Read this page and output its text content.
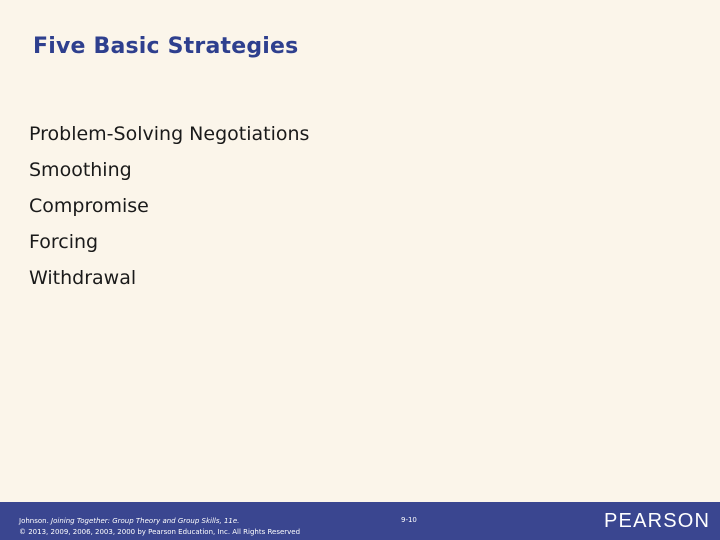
Five Basic Strategies
Problem-Solving Negotiations
Smoothing
Compromise
Forcing
Withdrawal
Johnson. Joining Together: Group Theory and Group Skills, 11e.
© 2013, 2009, 2006, 2003, 2000 by Pearson Education, Inc. All Rights Reserved
9-10	PEARSON
